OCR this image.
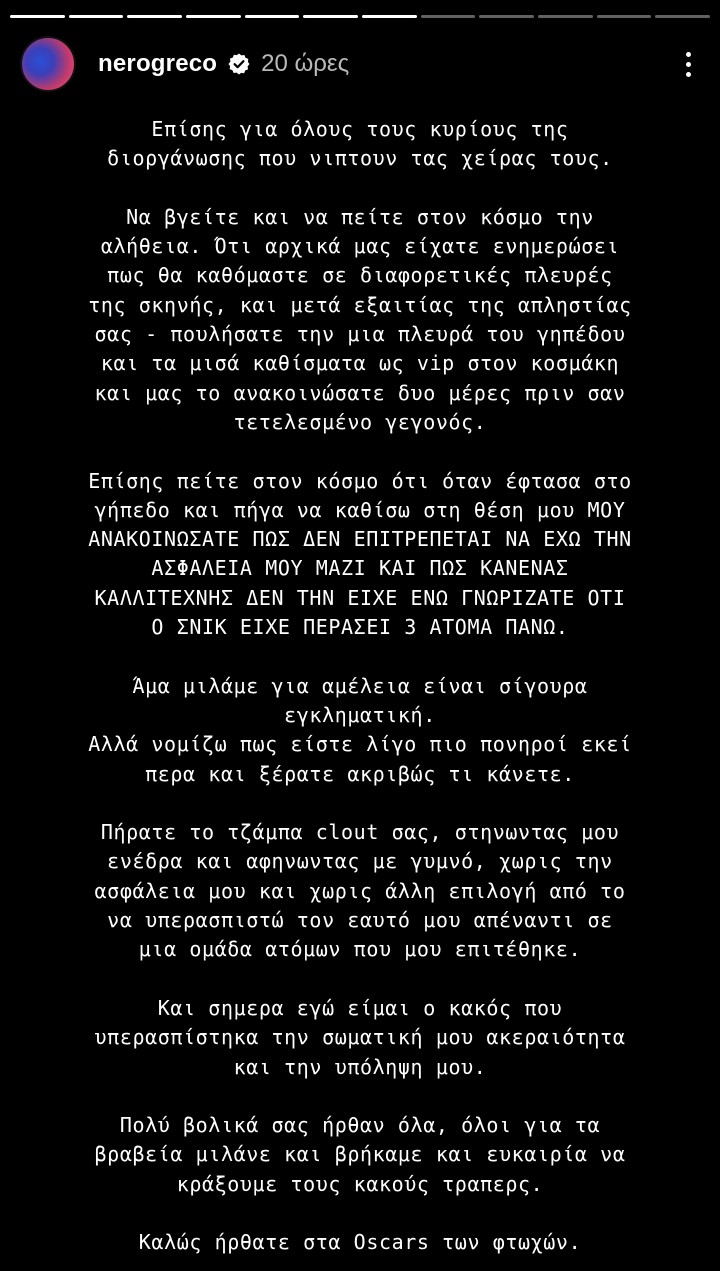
nerogreco 20 ώρες
Επίσης για όλους τους κυρίους της
διοργάνωσης που νιπτουν τας χείρας τους.
Να βγείτε και να πείτε στον κόσμο την
αλήθεια. Ότι αρχικά μας είχατε ενημερώσει
πως θα καθόμαστε σε διαφορετικές πλευρές
της σκηνής, και μετά εξαιτίας της απληστίας
σας - πουλήσατε την μια πλευρά του γηπέδου
και τα μισά καθίσματα ως vip στον κοσμάκη
και μας το ανακοινώσατε δυο μέρες πριν σαν
τετελεσμένο γεγονός.
Επίσης πείτε στον κόσμο ότι όταν έφτασα στο
γήπεδο και πήγα να καθίσω στη θέση μου ΜΟΥ
ΑΝΑΚΟΙΝΩΣΑΤΕ ΠΩΣ ΔΕΝ ΕΠΙΤΡΕΠΕΤΑΙ ΝΑ ΕΧΩ ΤΗΝ
ΑΣΦΑΛΕΙΑ ΜΟΥ ΜΑΖΙ ΚΑΙ ΠΩΣ ΚΑΝΕΝΑΣ
ΚΑΛΛΙΤΕΧΝΗΣ ΔΕΝ ΤΗΝ ΕΙΧΕ ΕΝΩ ΓΝΩΡΙΖΑΤΕ ΟΤΙ
Ο ΣΝΙΚ ΕΙΧΕ ΠΕΡΑΣΕΙ 3 ΑΤΟΜΑ ΠΑΝΩ.
Άμα μιλάμε για αμέλεια είναι σίγουρα
εγκληματική.
Αλλά νομίζω πως είστε λίγο πιο πονηροί εκεί
περα και ξέρατε ακριβώς τι κάνετε.
Πήρατε το τζάμπα clout σας, στηνωντας μου
ενέδρα και αφηνωντας με γυμνό, χωρις την
ασφάλεια μου και χωρις άλλη επιλογή από το
να υπερασπιστώ τον εαυτό μου απέναντι σε
μια ομάδα ατόμων που μου επιτέθηκε.
Και σημερα εγώ είμαι ο κακός που
υπερασπίστηκα την σωματική μου ακεραιότητα
και την υπόληψη μου.
Πολύ βολικά σας ήρθαν όλα, όλοι για τα
βραβεία μιλάνε και βρήκαμε και ευκαιρία να
κράξουμε τους κακούς τραπερς.
Καλώς ήρθατε στα Oscars των φτωχών.
